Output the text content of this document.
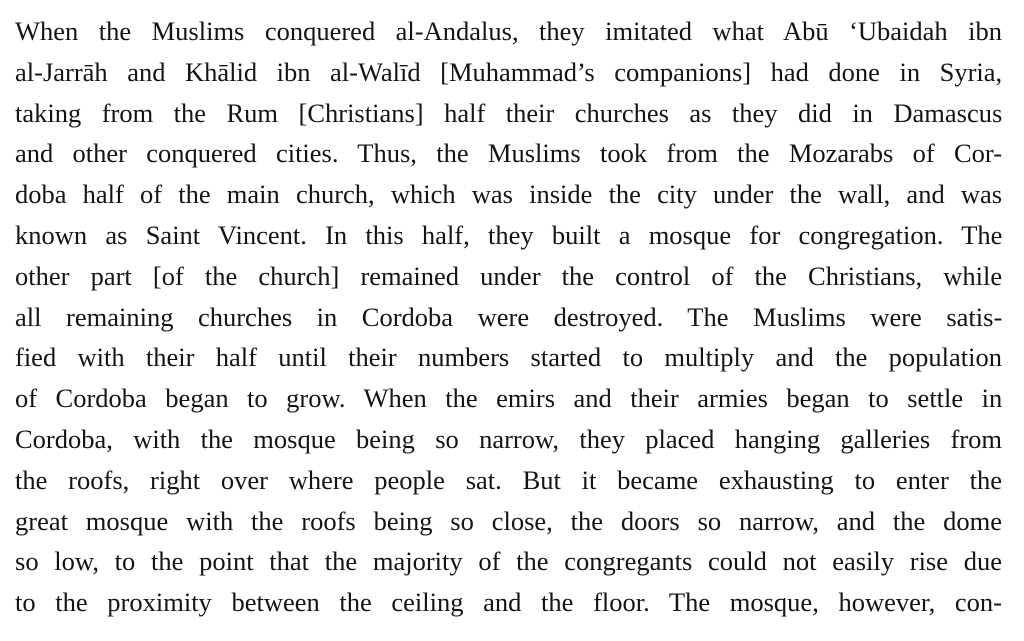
When the Muslims conquered al-Andalus, they imitated what Abū ‘Ubaidah ibn
al-Jarrāh and Khālid ibn al-Walīd [Muhammad’s companions] had done in Syria,
taking from the Rum [Christians] half their churches as they did in Damascus
and other conquered cities. Thus, the Muslims took from the Mozarabs of Cor-
doba half of the main church, which was inside the city under the wall, and was
known as Saint Vincent. In this half, they built a mosque for congregation. The
other part [of the church] remained under the control of the Christians, while
all remaining churches in Cordoba were destroyed. The Muslims were satis-
fied with their half until their numbers started to multiply and the population
of Cordoba began to grow. When the emirs and their armies began to settle in
Cordoba, with the mosque being so narrow, they placed hanging galleries from
the roofs, right over where people sat. But it became exhausting to enter the
great mosque with the roofs being so close, the doors so narrow, and the dome
so low, to the point that the majority of the congregants could not easily rise due
to the proximity between the ceiling and the floor. The mosque, however, con-
